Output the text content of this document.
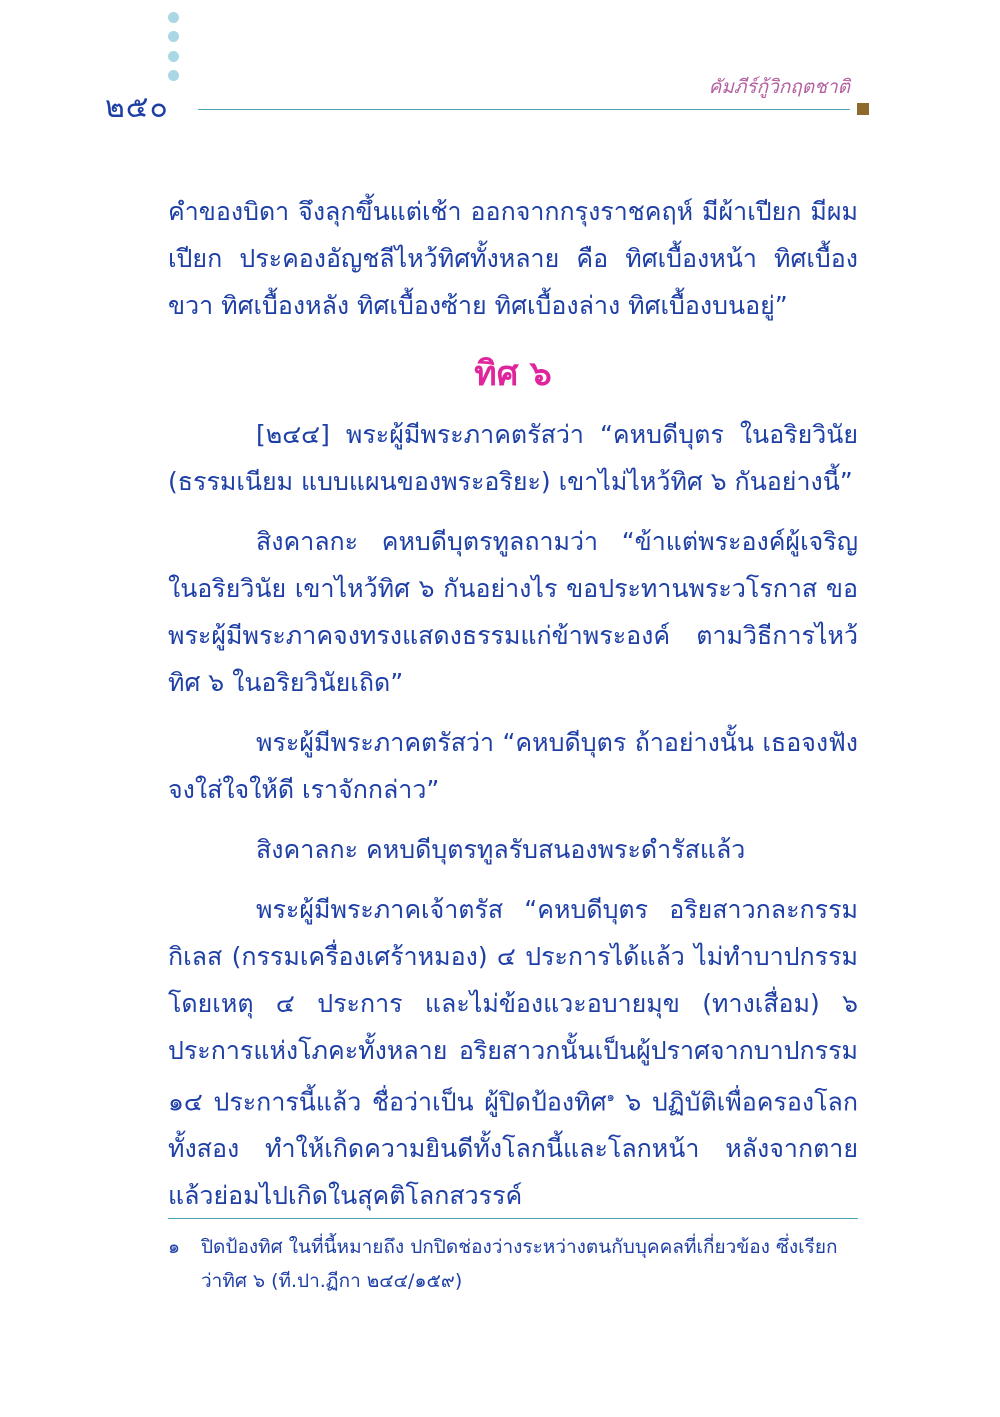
๒๕๐
คัมภีร์กู้วิกฤตชาติ

คำของบิดา จึงลุกขึ้นแต่เช้า ออกจากกรุงราชคฤห์ มีผ้าเปียก มีผมเปียก ประคองอัญชลีไหว้ทิศทั้งหลาย คือ ทิศเบื้องหน้า ทิศเบื้องขวา ทิศเบื้องหลัง ทิศเบื้องซ้าย ทิศเบื้องล่าง ทิศเบื้องบนอยู่”

ทิศ ๖

[๒๔๔] พระผู้มีพระภาคตรัสว่า “คหบดีบุตร ในอริยวินัย (ธรรมเนียม แบบแผนของพระอริยะ) เขาไม่ไหว้ทิศ ๖ กันอย่างนี้”

สิงคาลกะ คหบดีบุตรทูลถามว่า “ข้าแต่พระองค์ผู้เจริญ ในอริยวินัย เขาไหว้ทิศ ๖ กันอย่างไร ขอประทานพระวโรกาส ขอพระผู้มีพระภาคจงทรงแสดงธรรมแก่ข้าพระองค์ ตามวิธีการไหว้ทิศ ๖ ในอริยวินัยเถิด”

พระผู้มีพระภาคตรัสว่า “คหบดีบุตร ถ้าอย่างนั้น เธอจงฟัง จงใส่ใจให้ดี เราจักกล่าว”

สิงคาลกะ คหบดีบุตรทูลรับสนองพระดำรัสแล้ว

พระผู้มีพระภาคเจ้าตรัส “คหบดีบุตร อริยสาวกละกรรมกิเลส (กรรมเครื่องเศร้าหมอง) ๔ ประการได้แล้ว ไม่ทำบาปกรรมโดยเหตุ ๔ ประการ และไม่ข้องแวะอบายมุข (ทางเสื่อม) ๖ ประการแห่งโภคะทั้งหลาย อริยสาวกนั้นเป็นผู้ปราศจากบาปกรรม ๑๔ ประการนี้แล้ว ชื่อว่าเป็น ผู้ปิดป้องทิศ$^๑$ ๖ ปฏิบัติเพื่อครองโลกทั้งสอง ทำให้เกิดความยินดีทั้งโลกนี้และโลกหน้า หลังจากตาย แล้วย่อมไปเกิดในสุคติโลกสวรรค์

๑ ปิดป้องทิศ ในที่นี้หมายถึง ปกปิดช่องว่างระหว่างตนกับบุคคลที่เกี่ยวข้อง ซึ่งเรียกว่าทิศ ๖ (ที.ปา.ฏีกา ๒๔๔/๑๕๙)
